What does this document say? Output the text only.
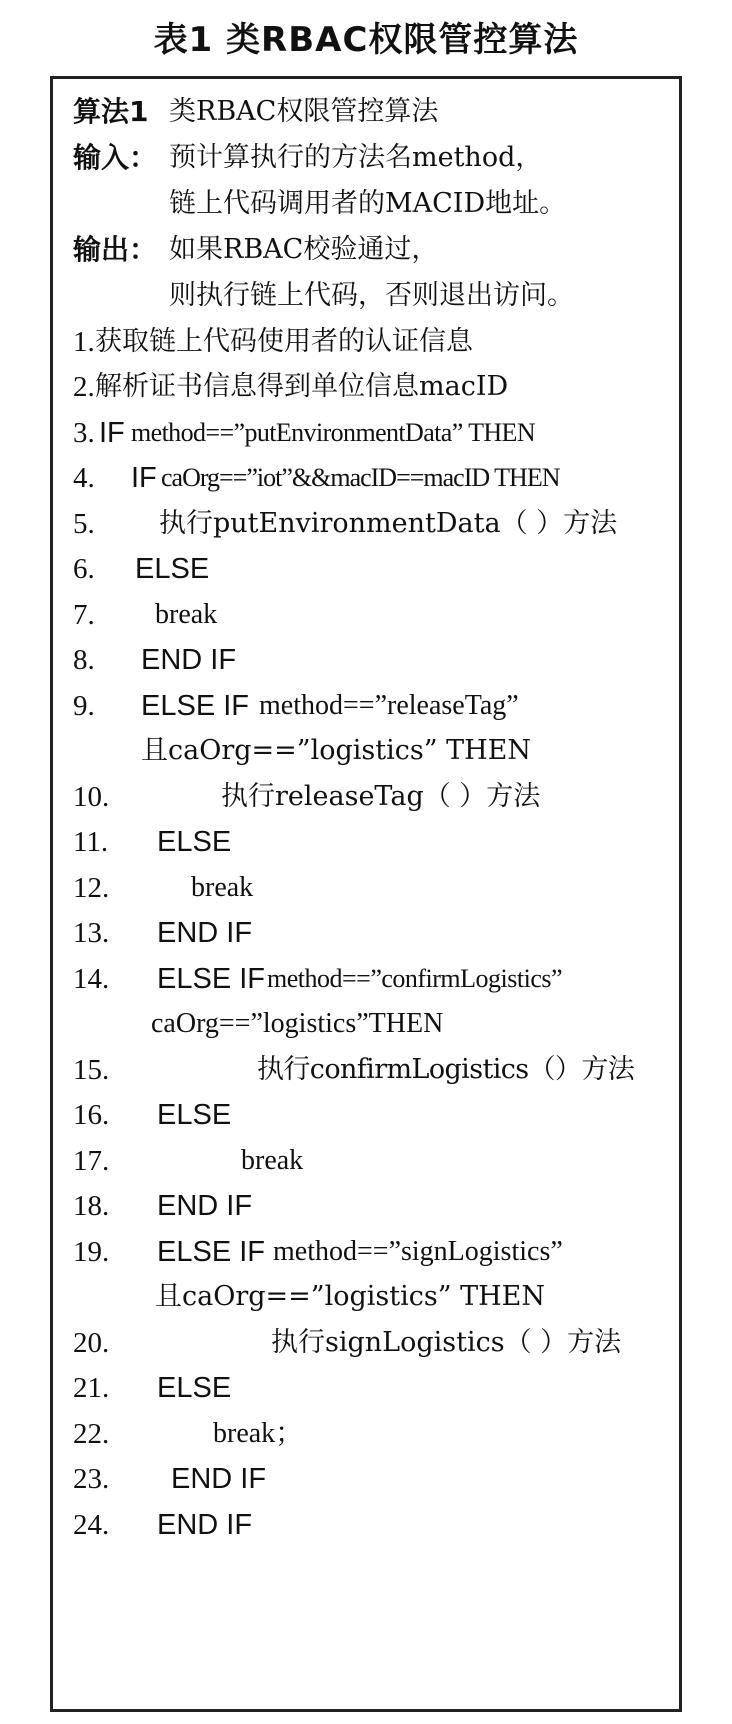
表1 类RBAC权限管控算法
算法1 类RBAC权限管控算法
输入： 预计算执行的方法名method，
链上代码调用者的MACID地址。
输出： 如果RBAC校验通过，
则执行链上代码，否则退出访问。
1. 获取链上代码使用者的认证信息
2. 解析证书信息得到单位信息macID
3. IF method==”putEnvironmentData” THEN
4. IF caOrg==”iot”&&macID==macID THEN
5. 执行putEnvironmentData（ ）方法
6. ELSE
7. break
8. END IF
9. ELSE IF method==”releaseTag”
且caOrg==”logistics” THEN
10.	执行releaseTag（ ）方法
11. ELSE
12.	break
13. END IF
14. ELSE IF method==”confirmLogistics”
caOrg==”logistics”THEN
15.	执行confirmLogistics（）方法
16. ELSE
17.	break
18. END IF
19. ELSE IF method==”signLogistics”
且caOrg==”logistics” THEN
20.	执行signLogistics（ ）方法
21. ELSE
22.	break；
23. END IF
24. END IF
